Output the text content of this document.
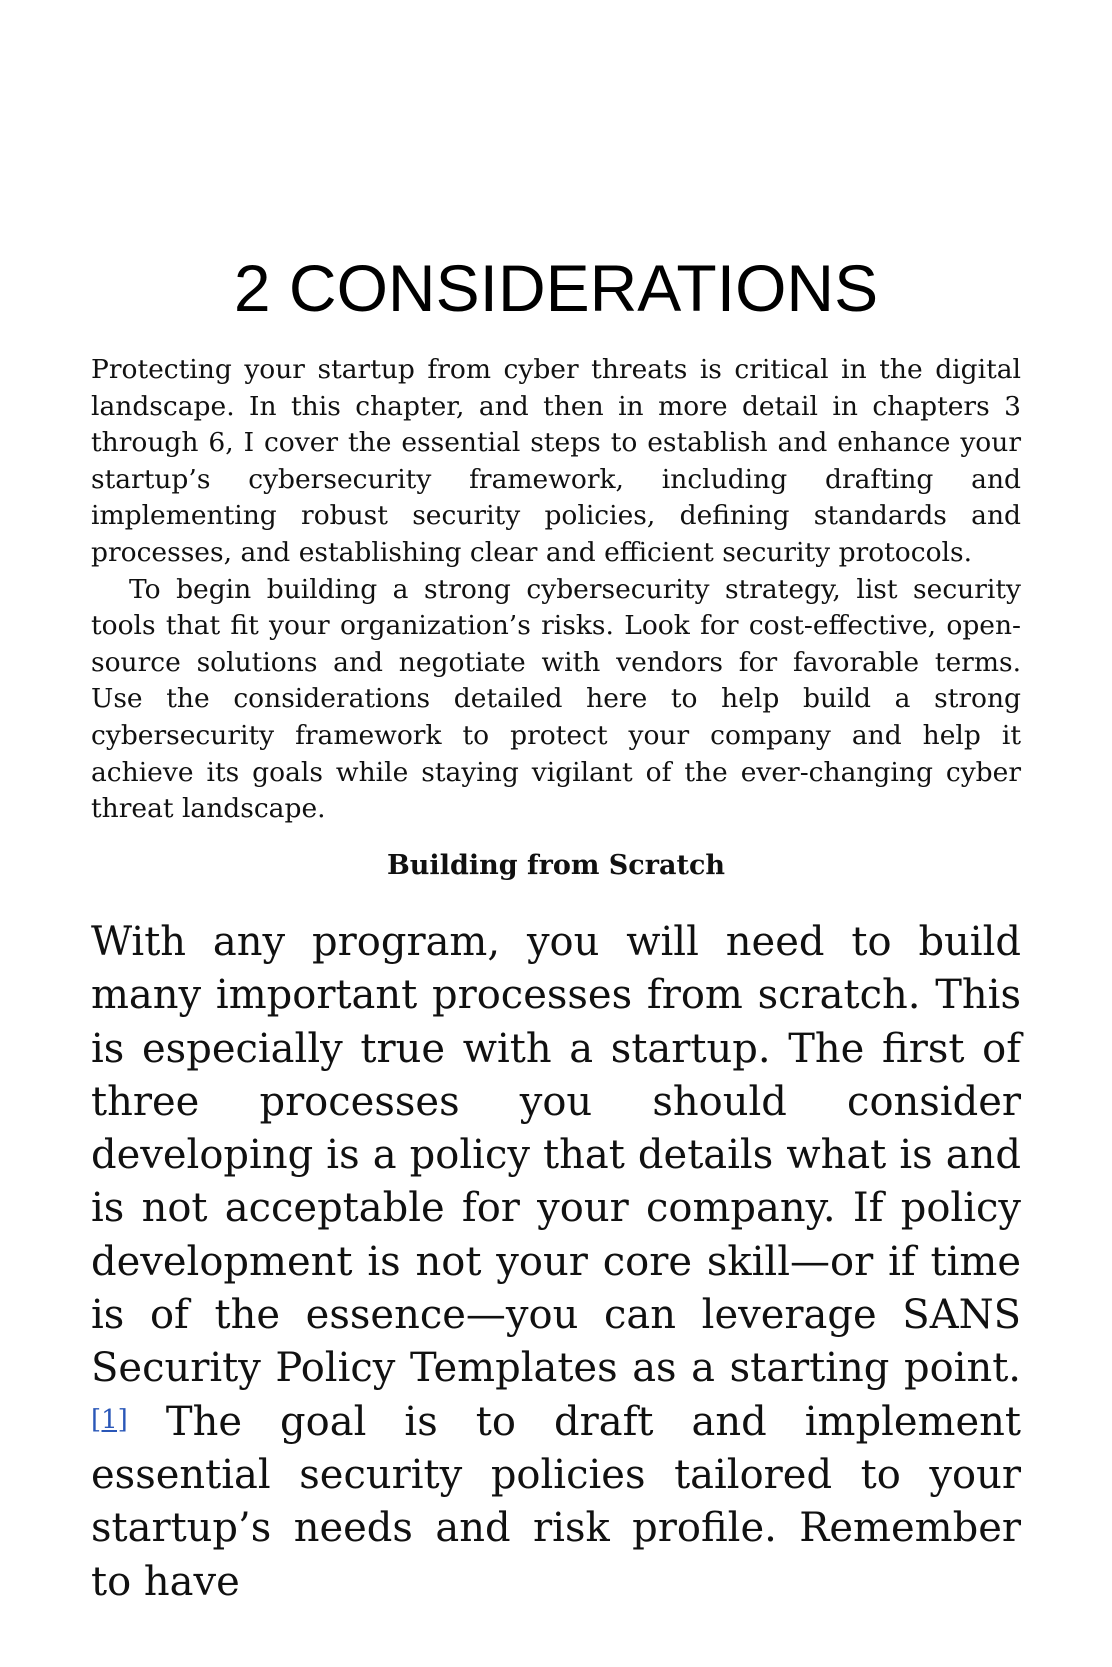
2 CONSIDERATIONS

Protecting your startup from cyber threats is critical in the digital landscape. In this chapter, and then in more detail in chapters 3 through 6, I cover the essential steps to establish and enhance your startup’s cybersecurity framework, including drafting and implementing robust security policies, defining standards and processes, and establishing clear and efficient security protocols.

To begin building a strong cybersecurity strategy, list security tools that fit your organization’s risks. Look for cost-effective, open-source solutions and negotiate with vendors for favorable terms. Use the considerations detailed here to help build a strong cybersecurity framework to protect your company and help it achieve its goals while staying vigilant of the ever-changing cyber threat landscape.

Building from Scratch

With any program, you will need to build many important processes from scratch. This is especially true with a startup. The first of three processes you should consider developing is a policy that details what is and is not acceptable for your company. If policy development is not your core skill—or if time is of the essence—you can leverage SANS Security Policy Templates as a starting point. [1] The goal is to draft and implement essential security policies tailored to your startup’s needs and risk profile. Remember to have
